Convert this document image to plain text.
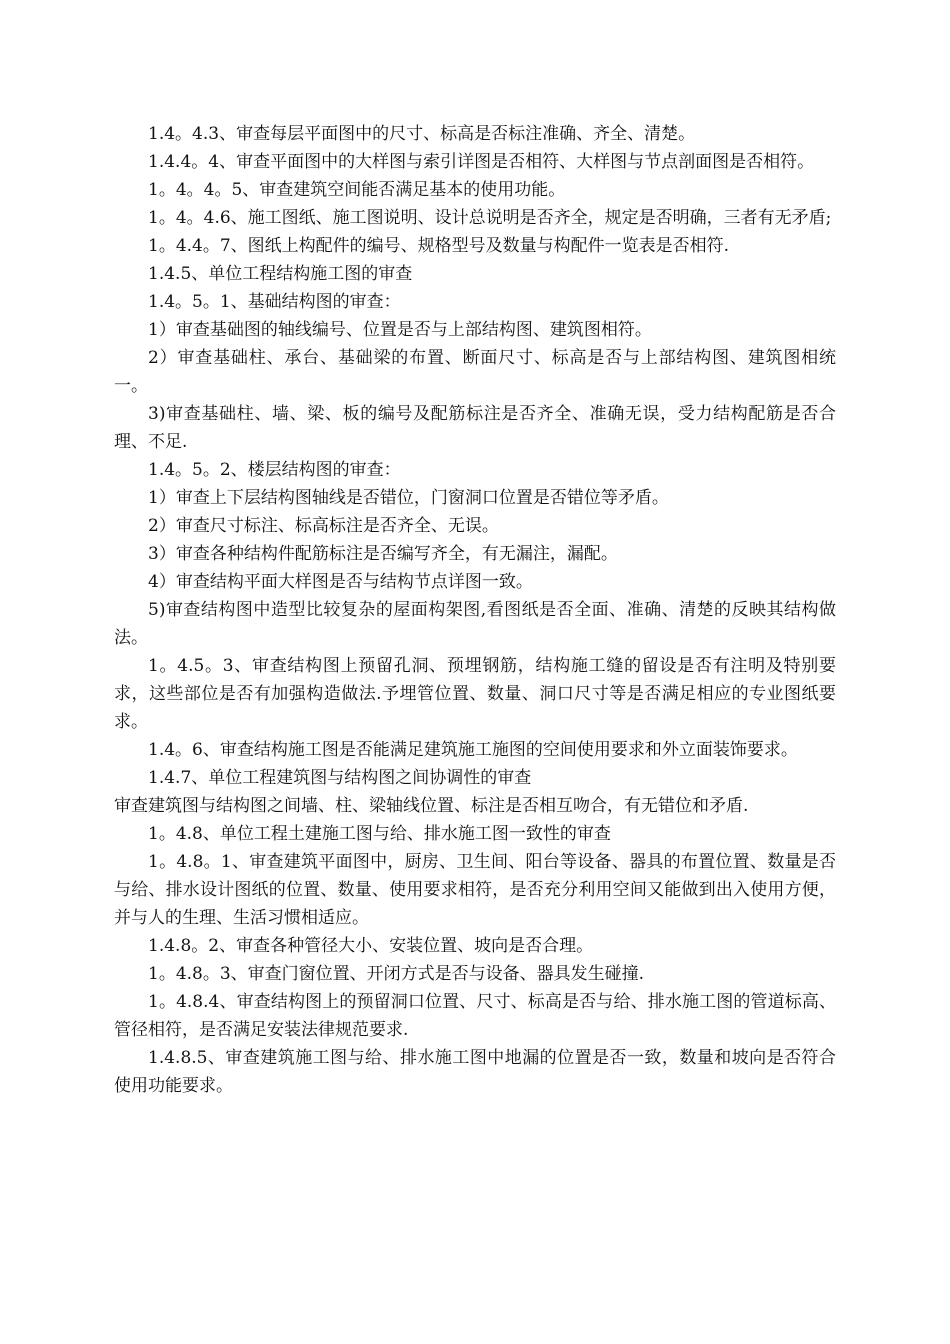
1.4。4.3、审查每层平面图中的尺寸、标高是否标注准确、齐全、清楚。

1.4.4。4、审查平面图中的大样图与索引详图是否相符、大样图与节点剖面图是否相符。

1。4。4。5、审查建筑空间能否满足基本的使用功能。

1。4。4.6、施工图纸、施工图说明、设计总说明是否齐全，规定是否明确，三者有无矛盾;

1。4.4。7、图纸上构配件的编号、规格型号及数量与构配件一览表是否相符.

1.4.5、单位工程结构施工图的审查

1.4。5。1、基础结构图的审查：

1）审查基础图的轴线编号、位置是否与上部结构图、建筑图相符。

2）审查基础柱、承台、基础梁的布置、断面尺寸、标高是否与上部结构图、建筑图相统一。

3)审查基础柱、墙、梁、板的编号及配筋标注是否齐全、准确无误，受力结构配筋是否合理、不足.

1.4。5。2、楼层结构图的审查：

1）审查上下层结构图轴线是否错位，门窗洞口位置是否错位等矛盾。

2）审查尺寸标注、标高标注是否齐全、无误。

3）审查各种结构件配筋标注是否编写齐全，有无漏注，漏配。

4）审查结构平面大样图是否与结构节点详图一致。

5)审查结构图中造型比较复杂的屋面构架图,看图纸是否全面、准确、清楚的反映其结构做法。

1。4.5。3、审查结构图上预留孔洞、预埋钢筋，结构施工缝的留设是否有注明及特别要求，这些部位是否有加强构造做法.予埋管位置、数量、洞口尺寸等是否满足相应的专业图纸要求。

1.4。6、审查结构施工图是否能满足建筑施工施图的空间使用要求和外立面装饰要求。

1.4.7、单位工程建筑图与结构图之间协调性的审查

审查建筑图与结构图之间墙、柱、梁轴线位置、标注是否相互吻合，有无错位和矛盾.

1。4.8、单位工程土建施工图与给、排水施工图一致性的审查

1。4.8。1、审查建筑平面图中，厨房、卫生间、阳台等设备、器具的布置位置、数量是否与给、排水设计图纸的位置、数量、使用要求相符，是否充分利用空间又能做到出入使用方便，并与人的生理、生活习惯相适应。

1.4.8。2、审查各种管径大小、安装位置、坡向是否合理。

1。4.8。3、审查门窗位置、开闭方式是否与设备、器具发生碰撞.

1。4.8.4、审查结构图上的预留洞口位置、尺寸、标高是否与给、排水施工图的管道标高、管径相符，是否满足安装法律规范要求.

1.4.8.5、审查建筑施工图与给、排水施工图中地漏的位置是否一致，数量和坡向是否符合使用功能要求。
